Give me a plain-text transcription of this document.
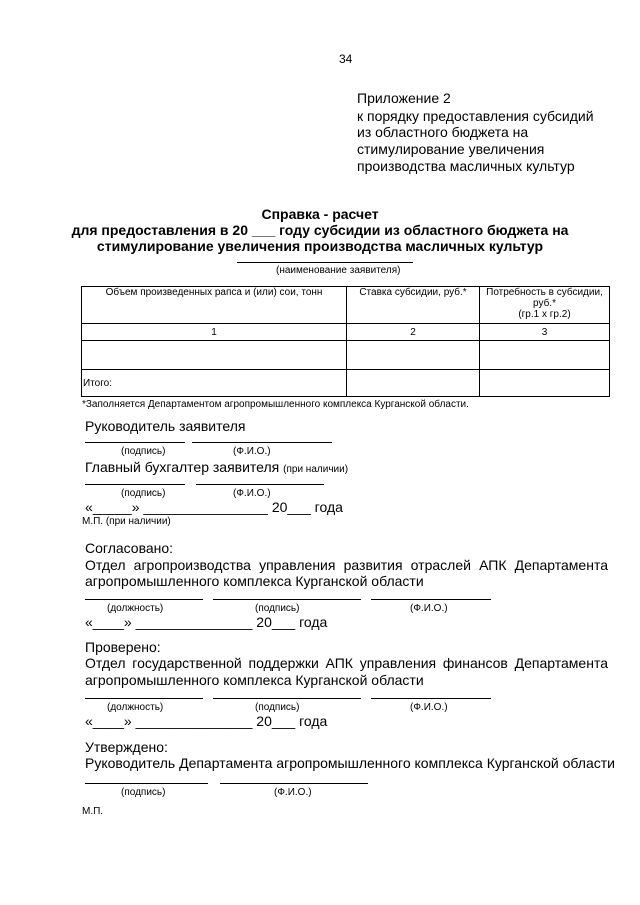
34
Приложение 2
к порядку предоставления субсидий
из областного бюджета на
стимулирование увеличения
производства масличных культур
Справка - расчет
для предоставления в 20 ___ году субсидии из областного бюджета на
стимулирование увеличения производства масличных культур
(наименование заявителя)
Объем произведенных рапса и (или) сои, тонн	Ставка субсидии, руб.*	Потребность в субсидии, руб.*
(гр.1 х гр.2)

1	2	3

Итого:		
*Заполняется Департаментом агропромышленного комплекса Курганской области.
Руководитель заявителя
(подпись)	(Ф.И.О.)
Главный бухгалтер заявителя (при наличии)
(подпись)	(Ф.И.О.)
«_____» ________________ 20___ года
М.П. (при наличии)
Согласовано:
Отдел агропроизводства управления развития отраслей АПК Департамента
агропромышленного комплекса Курганской области
(должность)	(подпись)	(Ф.И.О.)
«____» _______________ 20___ года
Проверено:
Отдел государственной поддержки АПК управления финансов Департамента
агропромышленного комплекса Курганской области
(должность)	(подпись)	(Ф.И.О.)
«____» _______________ 20___ года
Утверждено:
Руководитель Департамента агропромышленного комплекса Курганской области
(подпись)	(Ф.И.О.)
М.П.
